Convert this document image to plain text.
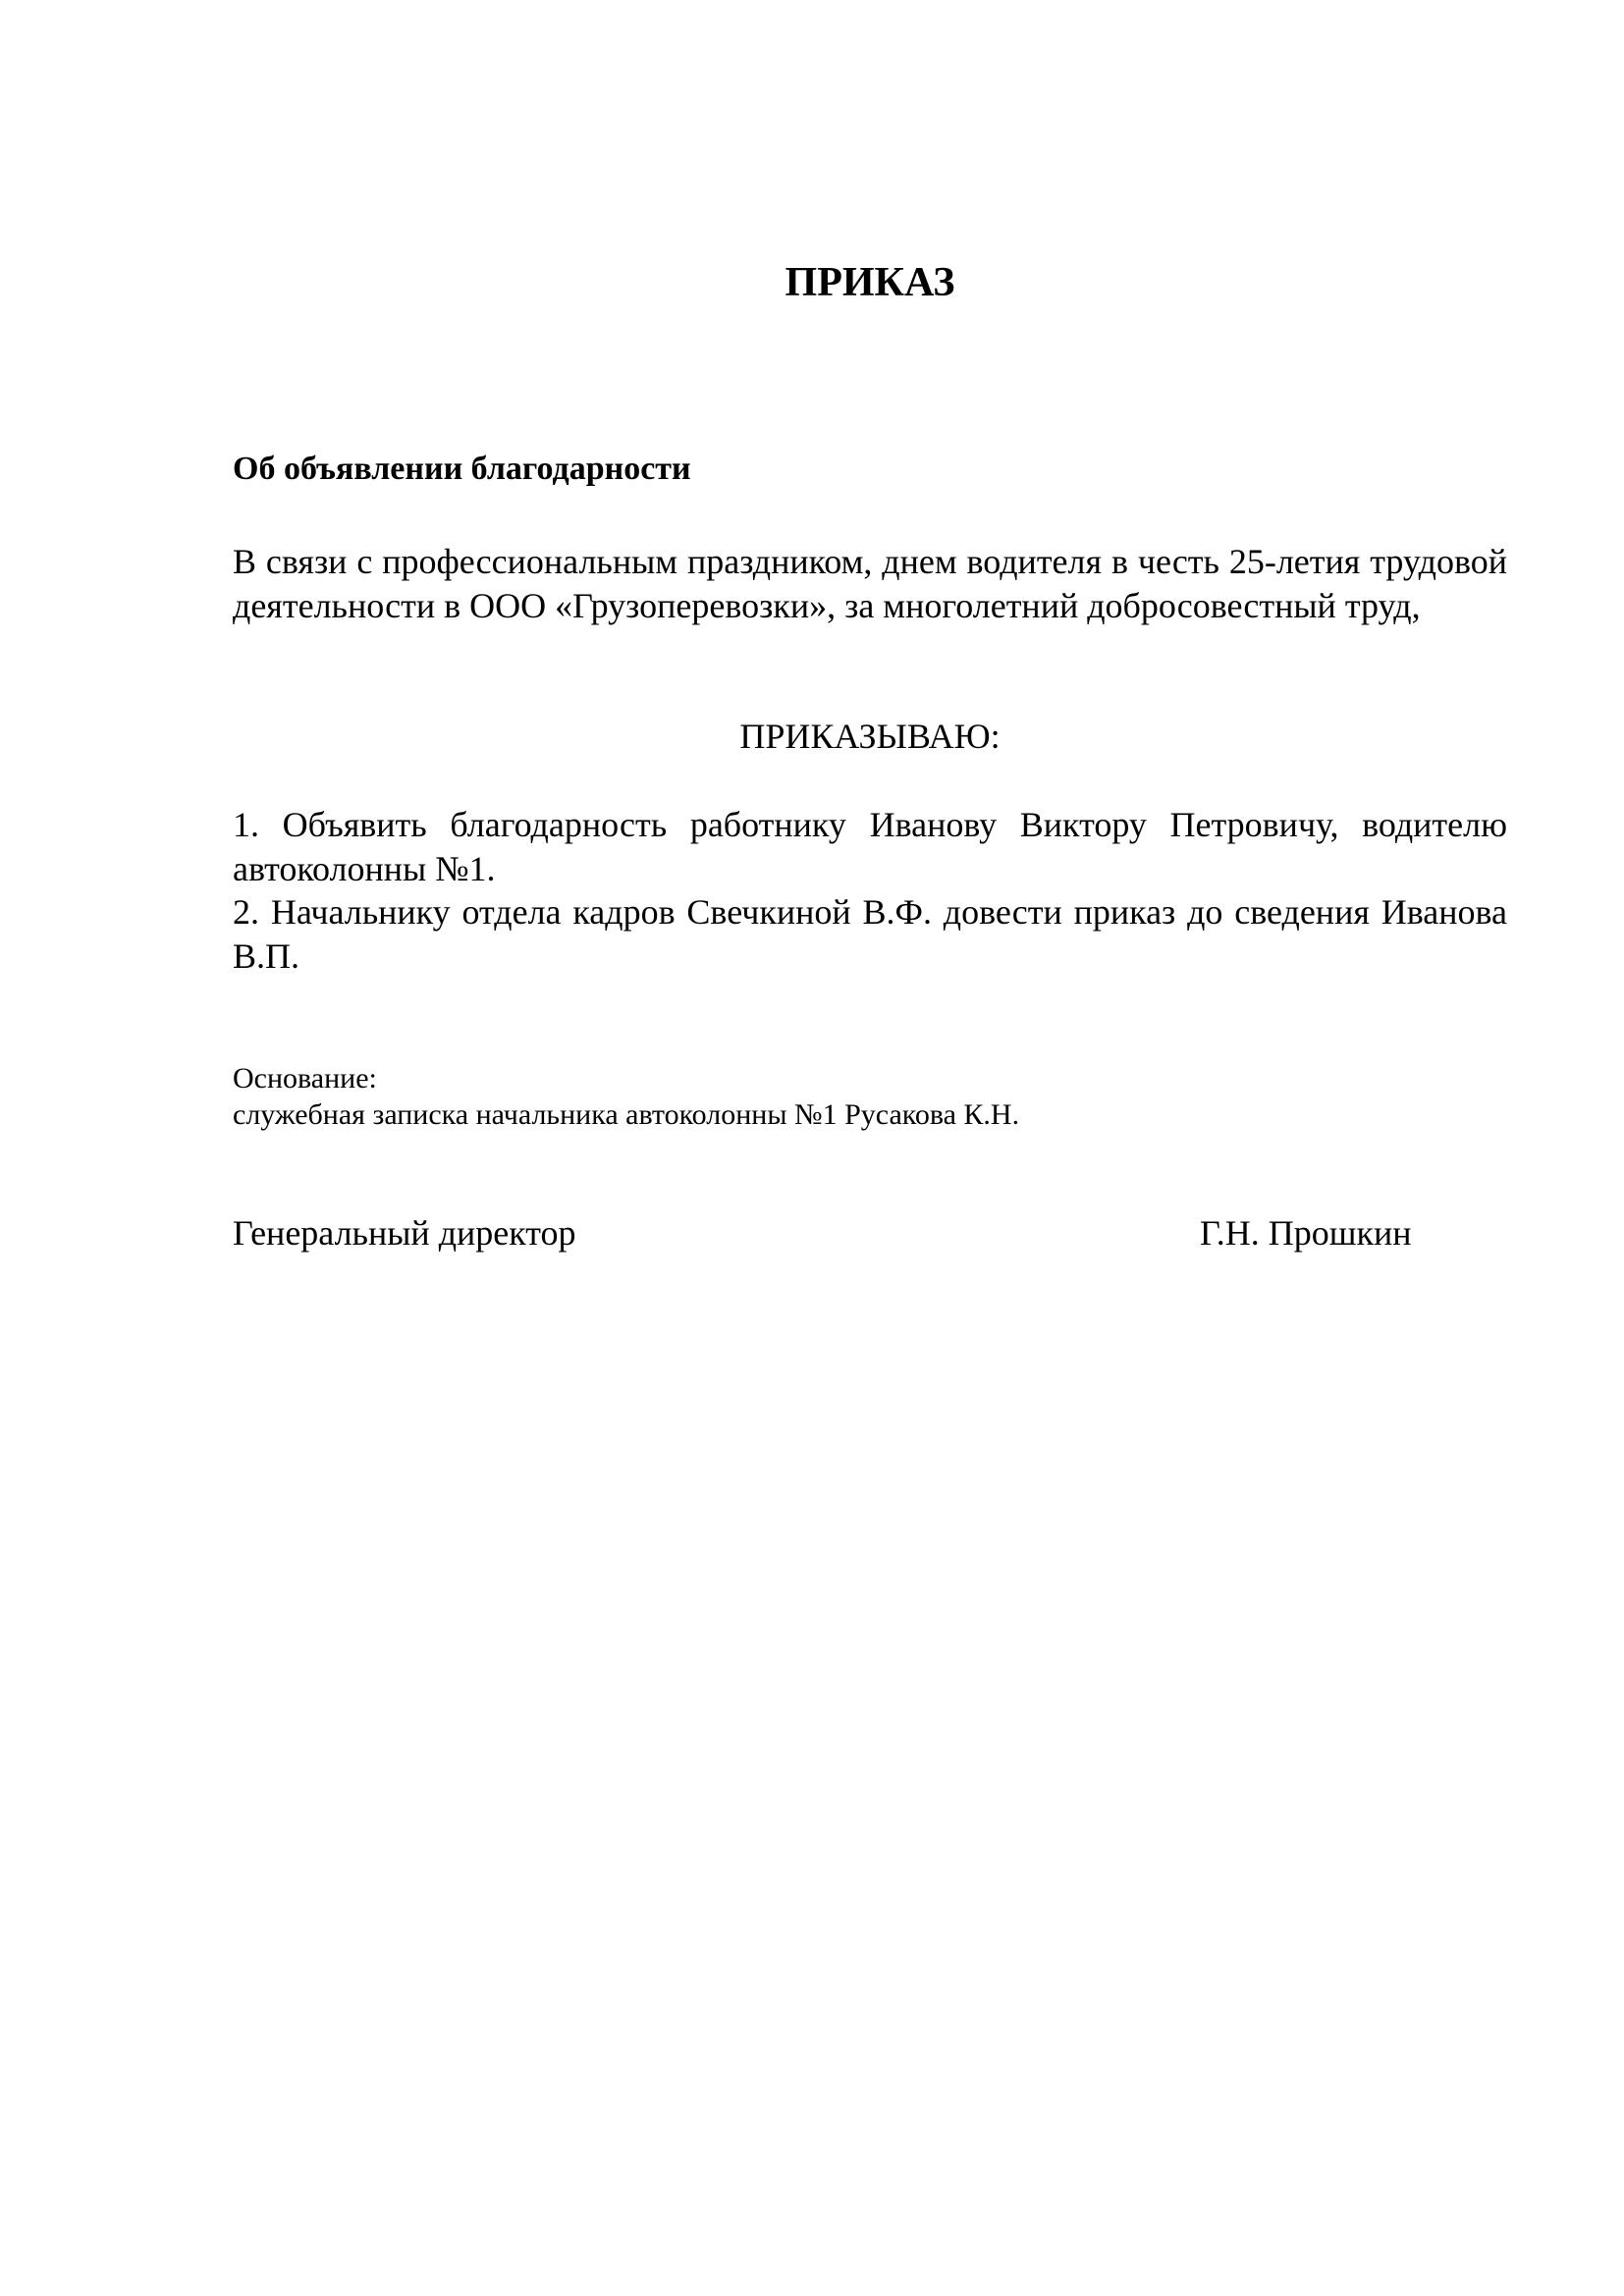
ПРИКАЗ
Об объявлении благодарности
В связи с профессиональным праздником, днем водителя в честь 25-летия трудовой деятельности в ООО «Грузоперевозки», за многолетний добросовестный труд,
ПРИКАЗЫВАЮ:

1. Объявить благодарность работнику Иванову Виктору Петровичу, водителю автоколонны №1.

2. Начальнику отдела кадров Свечкиной В.Ф. довести приказ до сведения Иванова В.П.

Основание:
служебная записка начальника автоколонны №1 Русакова К.Н.
Генеральный директор	Г.Н. Прошкин
